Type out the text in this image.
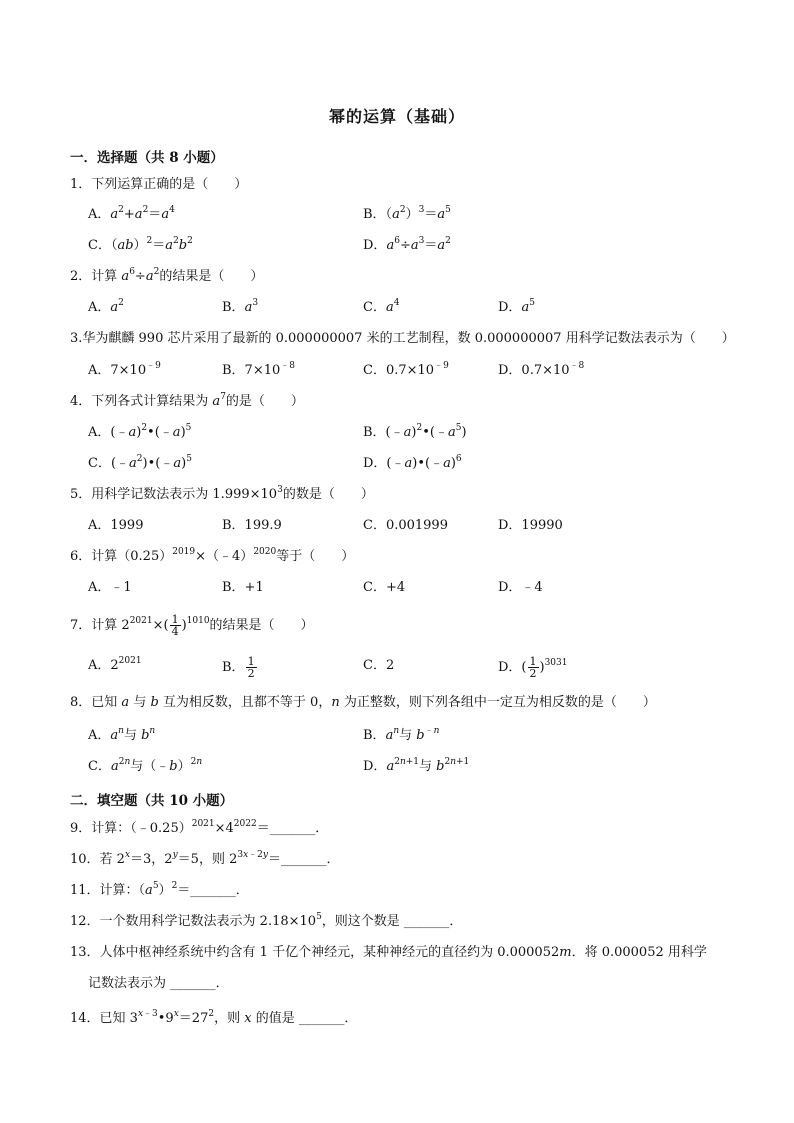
幂的运算（基础）
一．选择题（共 8 小题）
1．下列运算正确的是（　　）
A．$a^2+a^2=a^4$	B．$(a^2)^3=a^5$
C．$(ab)^2=a^2b^2$	D．$a^6\div a^3=a^2$
2．计算 $a^6\div a^2$的结果是（　　）
A．$a^2$	B．$a^3$	C．$a^4$	D．$a^5$
3.华为麒麟 990 芯片采用了最新的 0.000000007 米的工艺制程，数 0.000000007 用科学记数法表示为（　　）
A．$7\times 10^{﹣9}$	B．$7\times 10^{﹣8}$	C．$0.7\times 10^{﹣9}$	D．$0.7\times 10^{﹣8}$
4．下列各式计算结果为 $a^7$的是（　　）
A．(﹣a)$^2$•(﹣a)$^5$	B．$(﹣a)^2•(﹣a^5)$
C．$(﹣a^2)•(﹣a)^5$	D．(﹣a)•(﹣a)$^6$
5．用科学记数法表示为 $1.999\times 10^3$的数是（　　）
A．1999	B．199.9	C．0.001999	D．19990
6．计算$(0.25)^{2019}\times(﹣4)^{2020}$等于（　　）
A．﹣1	B．+1	C．+4	D．﹣4
7．计算 $2^{2021}\times( \frac{1}{4} )^{1010}$的结果是（　　）
A．$2^{2021}$	B． $\frac{1}{2}$	C．2	D．( $\frac{1}{2} )^{3031}$
8．已知 a 与 b 互为相反数，且都不等于 0，n 为正整数，则下列各组中一定互为相反数的是（　　）
A．$a^n$与 $b^n$	B．$a^n$与 $b^{﹣n}$
C．$a^{2n}$与（﹣b）$^{2n}$	D．$a^{2n+1}$与 $b^{2n+1}$
二．填空题（共 10 小题）
9．计算：$(﹣0.25)^{2021}\times 4^{2022}=\_\_\_\_\_\_\_$．
10．若 $2^x=3$，$2^y=5$，则 $2^{3x﹣2y}=\_\_\_\_\_\_\_$．
11．计算：$(a^5)^2=\_\_\_\_\_\_\_$．
12．一个数用科学记数法表示为 $2.18\times 10^5$，则这个数是 _______．
13．人体中枢神经系统中约含有 1 千亿个神经元，某种神经元的直径约为 0.000052m．将 0.000052 用科学
记数法表示为 _______．
14．已知 $3^{x﹣3}•9^x=27^2$，则 x 的值是 _______．
